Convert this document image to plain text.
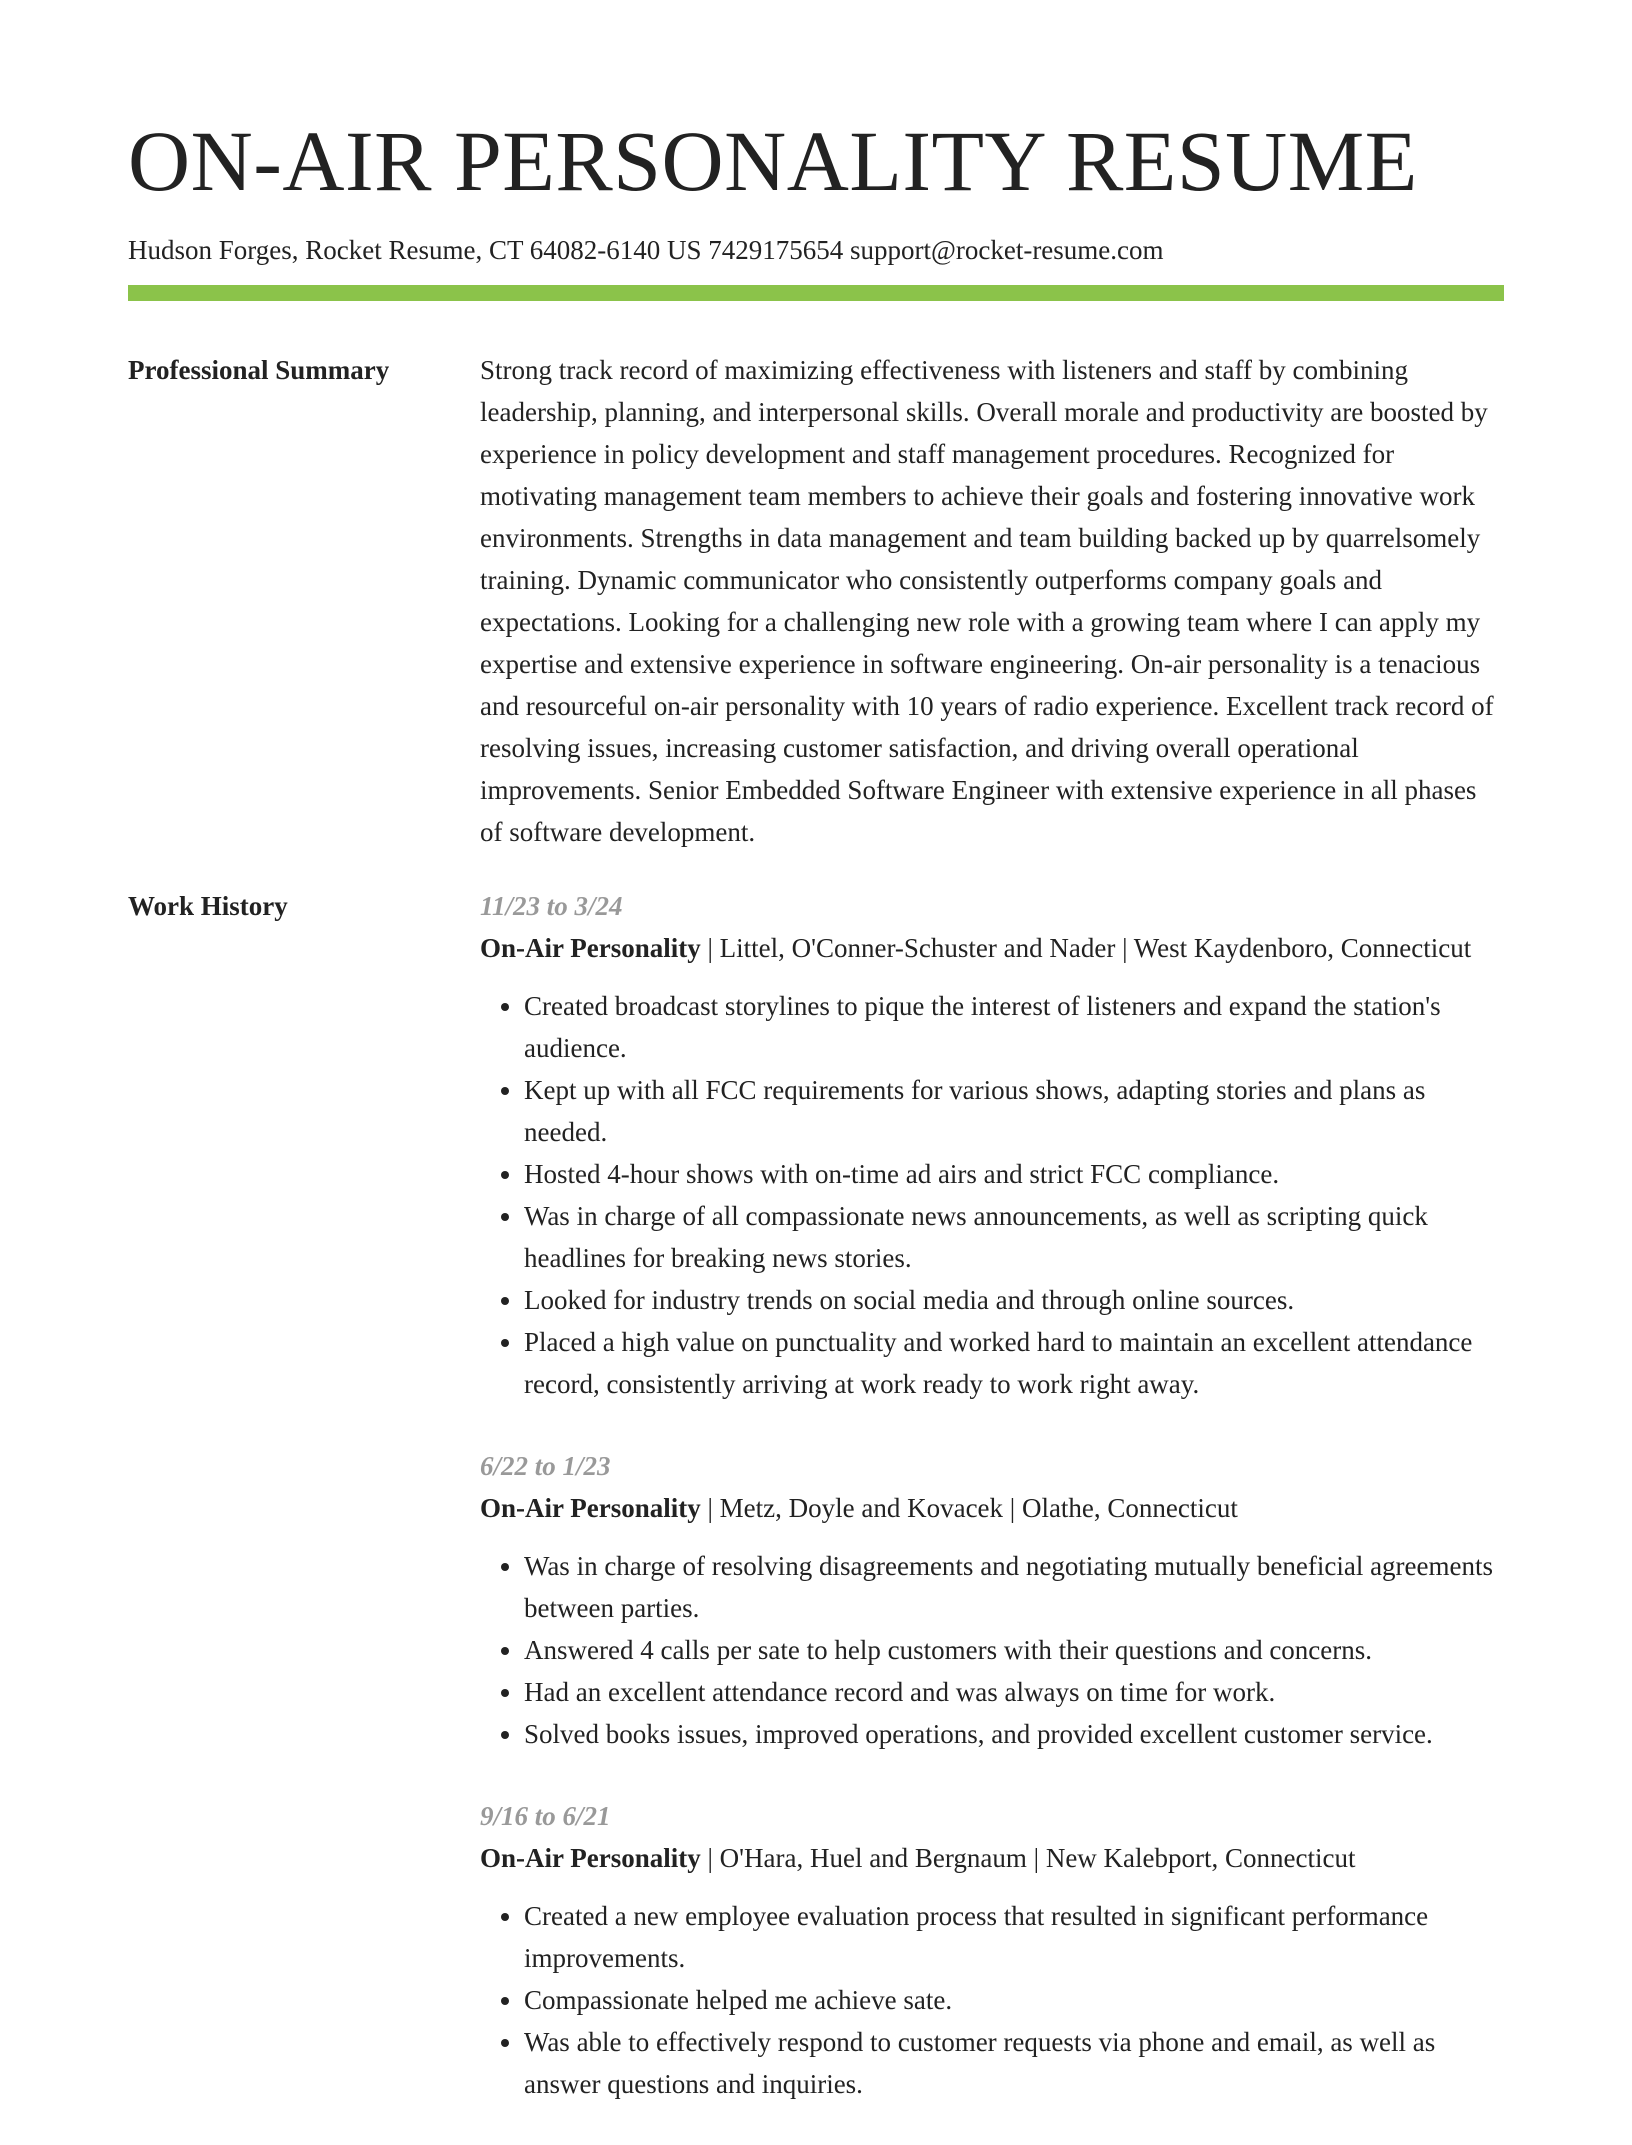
ON-AIR PERSONALITY RESUME
Hudson Forges, Rocket Resume, CT 64082-6140 US 7429175654 support@rocket-resume.com
Professional Summary	Strong track record of maximizing effectiveness with listeners and staff by combining leadership, planning, and interpersonal skills. Overall morale and productivity are boosted by experience in policy development and staff management procedures. Recognized for motivating management team members to achieve their goals and fostering innovative work environments. Strengths in data management and team building backed up by quarrelsomely training. Dynamic communicator who consistently outperforms company goals and expectations. Looking for a challenging new role with a growing team where I can apply my expertise and extensive experience in software engineering. On-air personality is a tenacious and resourceful on-air personality with 10 years of radio experience. Excellent track record of resolving issues, increasing customer satisfaction, and driving overall operational improvements. Senior Embedded Software Engineer with extensive experience in all phases of software development.

Work History	11/23 to 3/24
On-Air Personality | Littel, O'Conner-Schuster and Nader | West Kaydenboro, Connecticut
• Created broadcast storylines to pique the interest of listeners and expand the station's audience.
• Kept up with all FCC requirements for various shows, adapting stories and plans as needed.
• Hosted 4-hour shows with on-time ad airs and strict FCC compliance.
• Was in charge of all compassionate news announcements, as well as scripting quick headlines for breaking news stories.
• Looked for industry trends on social media and through online sources.
• Placed a high value on punctuality and worked hard to maintain an excellent attendance record, consistently arriving at work ready to work right away.
6/22 to 1/23
On-Air Personality | Metz, Doyle and Kovacek | Olathe, Connecticut
• Was in charge of resolving disagreements and negotiating mutually beneficial agreements between parties.
• Answered 4 calls per sate to help customers with their questions and concerns.
• Had an excellent attendance record and was always on time for work.
• Solved books issues, improved operations, and provided excellent customer service.
9/16 to 6/21
On-Air Personality | O'Hara, Huel and Bergnaum | New Kalebport, Connecticut
• Created a new employee evaluation process that resulted in significant performance improvements.
• Compassionate helped me achieve sate.
• Was able to effectively respond to customer requests via phone and email, as well as answer questions and inquiries.
